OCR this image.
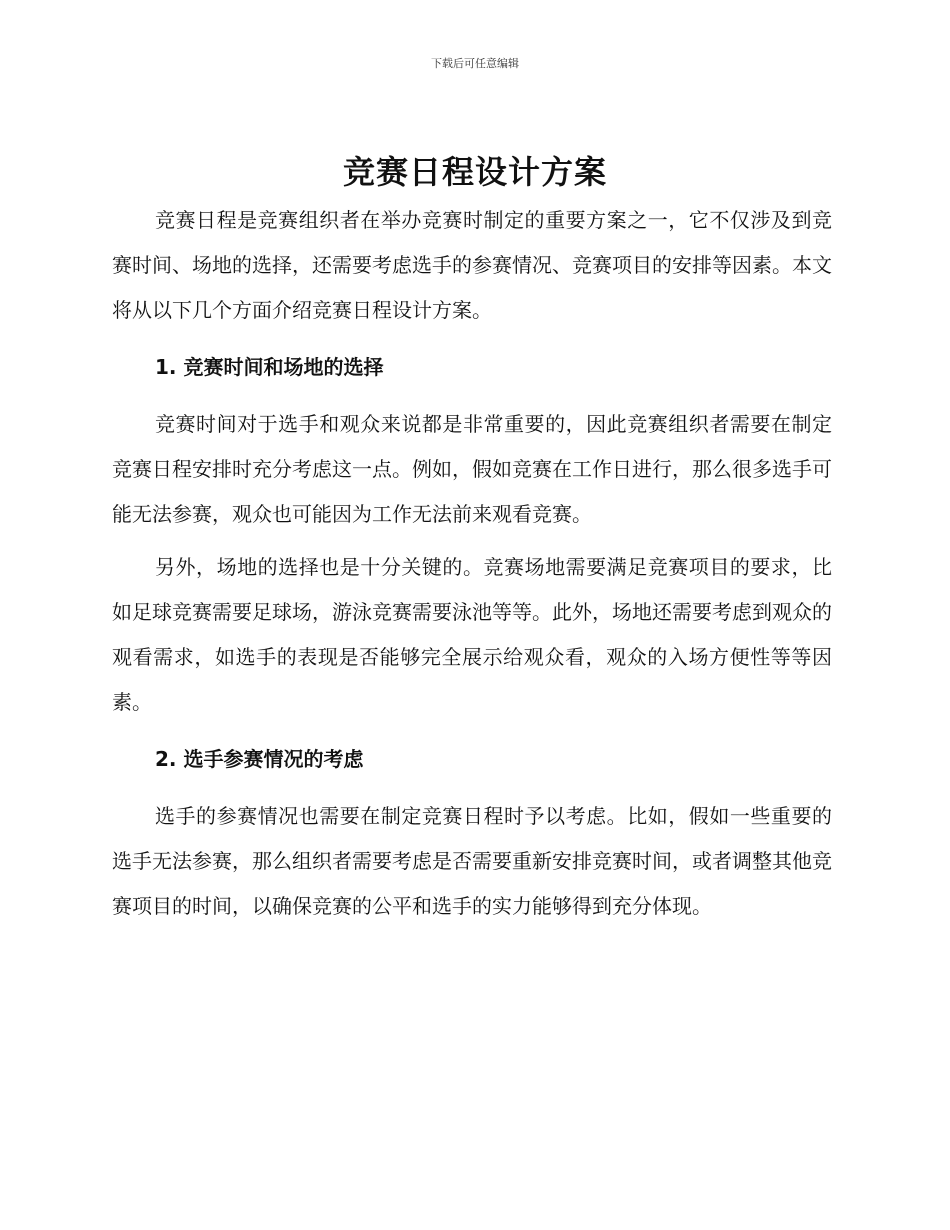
下载后可任意编辑
竞赛日程设计方案

竞赛日程是竞赛组织者在举办竞赛时制定的重要方案之一，它不仅涉及到竞赛时间、场地的选择，还需要考虑选手的参赛情况、竞赛项目的安排等因素。本文将从以下几个方面介绍竞赛日程设计方案。

1. 竞赛时间和场地的选择

竞赛时间对于选手和观众来说都是非常重要的，因此竞赛组织者需要在制定竞赛日程安排时充分考虑这一点。例如，假如竞赛在工作日进行，那么很多选手可能无法参赛，观众也可能因为工作无法前来观看竞赛。

另外，场地的选择也是十分关键的。竞赛场地需要满足竞赛项目的要求，比如足球竞赛需要足球场，游泳竞赛需要泳池等等。此外，场地还需要考虑到观众的观看需求，如选手的表现是否能够完全展示给观众看，观众的入场方便性等等因素。

2. 选手参赛情况的考虑

选手的参赛情况也需要在制定竞赛日程时予以考虑。比如，假如一些重要的选手无法参赛，那么组织者需要考虑是否需要重新安排竞赛时间，或者调整其他竞赛项目的时间，以确保竞赛的公平和选手的实力能够得到充分体现。
